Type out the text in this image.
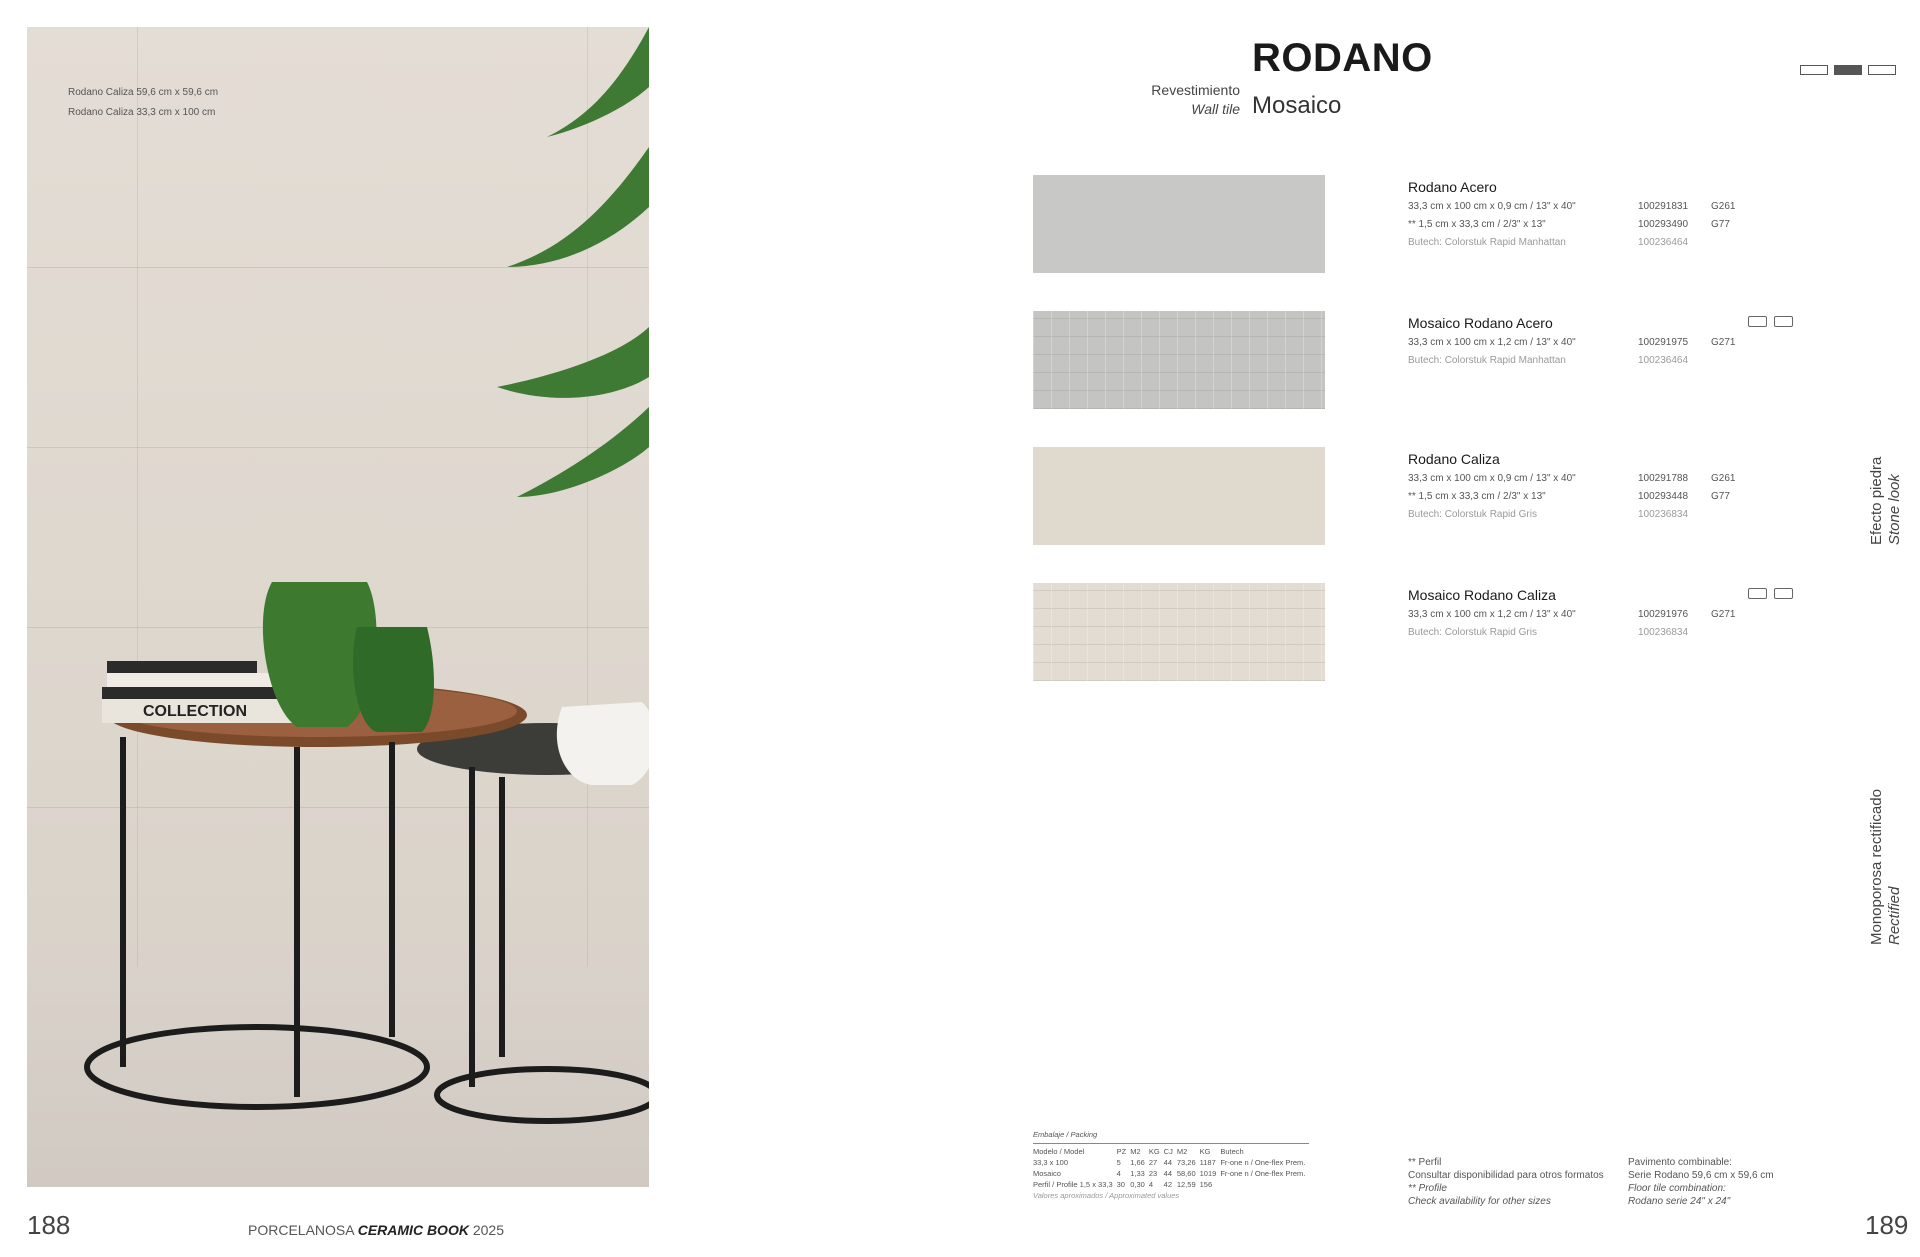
Rodano Caliza 59,6 cm x 59,6 cm
Rodano Caliza 33,3 cm x 100 cm
COLLECTION
RODANO
Mosaico
Revestimiento
Wall tile
Rodano Acero
33,3 cm x 100 cm x 0,9 cm / 13" x 40"	100291831 G261
** 1,5 cm x 33,3 cm / 2/3" x 13"	100293490 G77
Butech: Colorstuk Rapid Manhattan	100236464
Mosaico Rodano Acero
33,3 cm x 100 cm x 1,2 cm / 13" x 40"	100291975 G271
Butech: Colorstuk Rapid Manhattan	100236464
Rodano Caliza
33,3 cm x 100 cm x 0,9 cm / 13" x 40"	100291788 G261
** 1,5 cm x 33,3 cm / 2/3" x 13"	100293448 G77
Butech: Colorstuk Rapid Gris	100236834
Mosaico Rodano Caliza
33,3 cm x 100 cm x 1,2 cm / 13" x 40"	100291976 G271
Butech: Colorstuk Rapid Gris	100236834
Efecto piedra Stone look
Monoporosa rectificado Rectified
Embalaje / Packing
Modelo / Model	PZ	M2	KG	CJ	M2	KG	Butech
33,3 x 100	5	1,66	27	44	73,26	1187	Fr-one n / One-flex Prem.
Mosaico	4	1,33	23	44	58,60	1019	Fr-one n / One-flex Prem.
Perfil / Profile 1,5 x 33,3	30	0,30	4	42	12,59	156	
Valores aproximados / Approximated values
** Perfil
Consultar disponibilidad para otros formatos
** Profile
Check availability for other sizes
Pavimento combinable:
Serie Rodano 59,6 cm x 59,6 cm
Floor tile combination:
Rodano serie 24" x 24"
188	189
PORCELANOSA CERAMIC BOOK 2025
